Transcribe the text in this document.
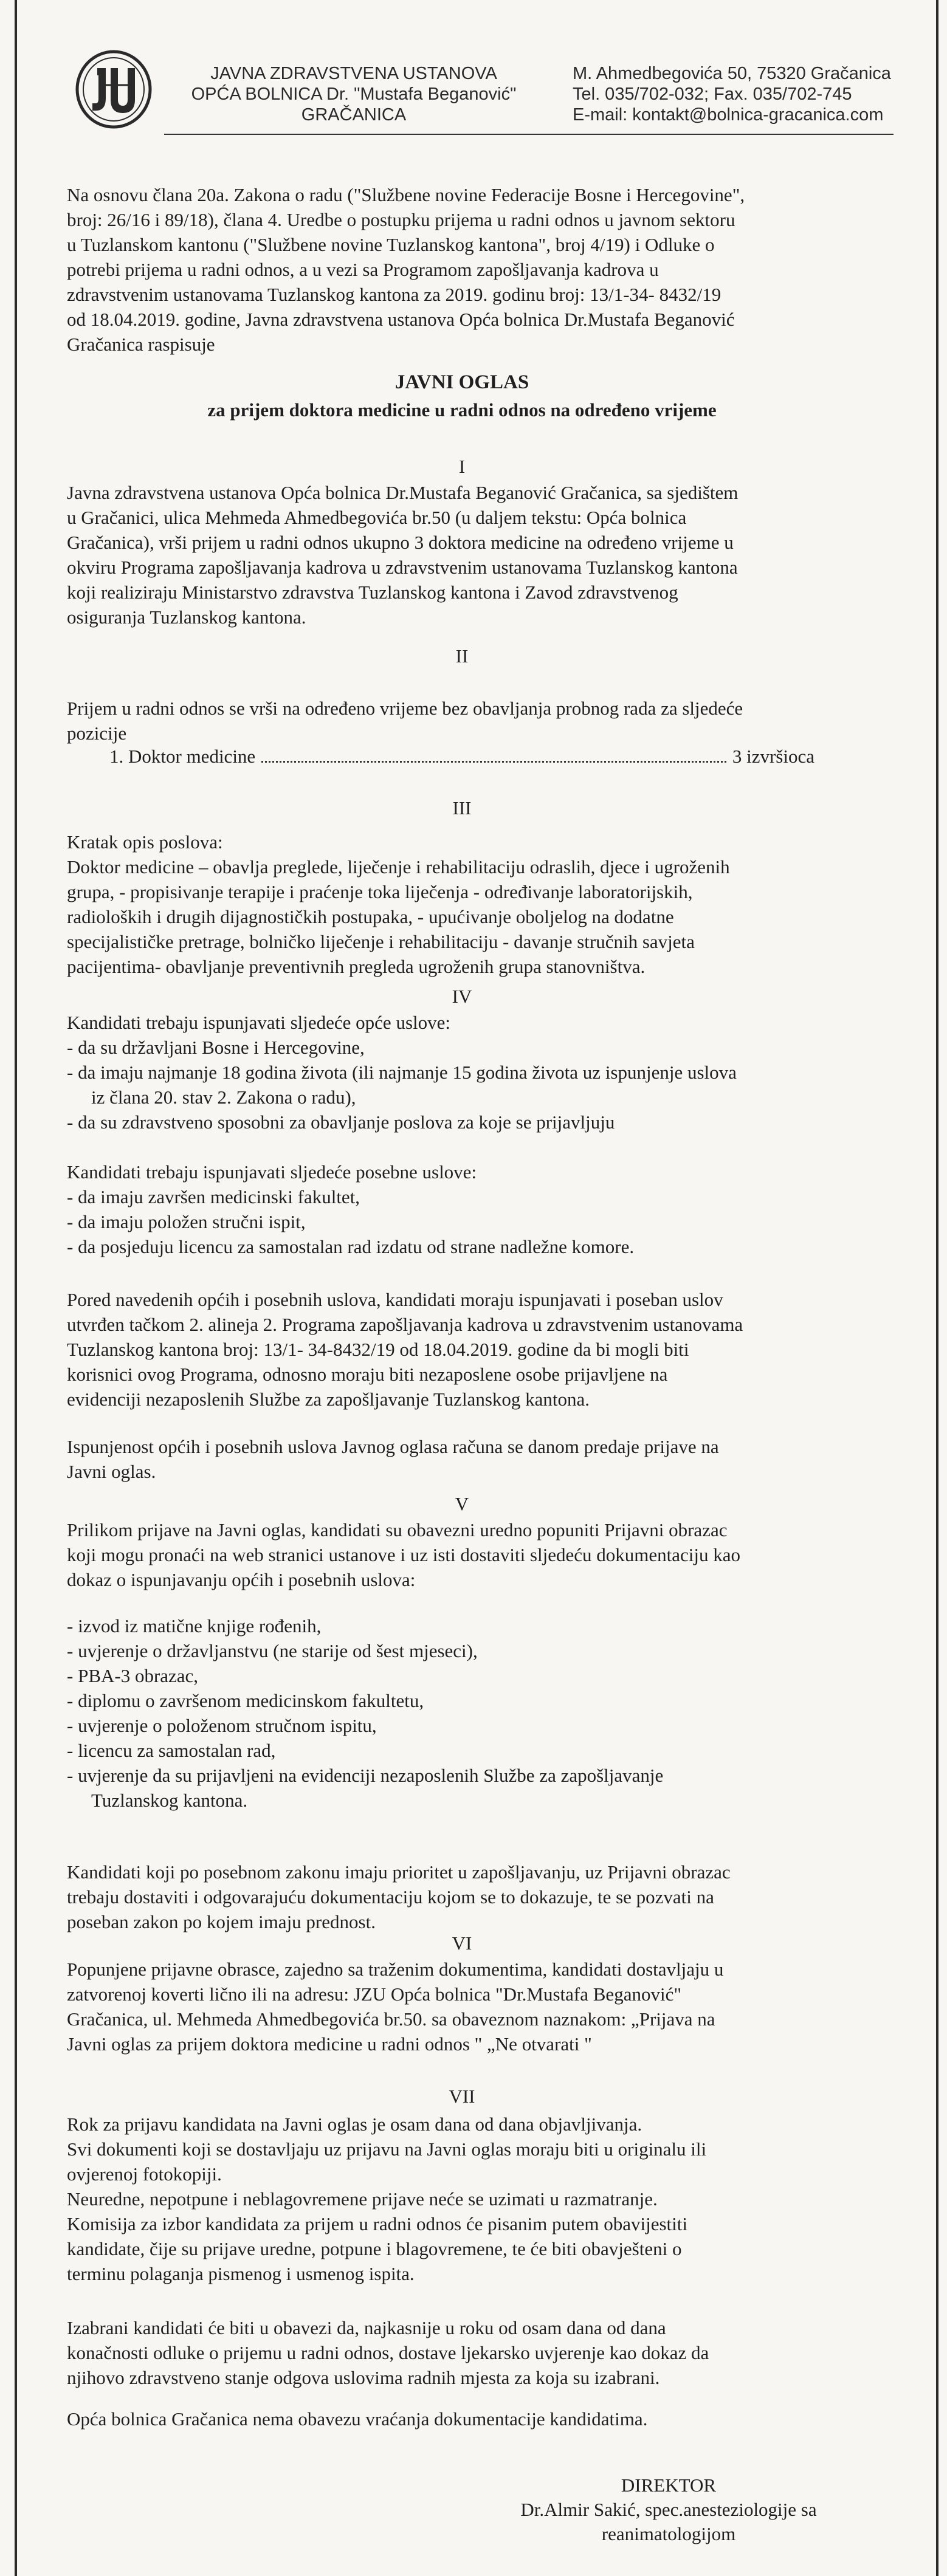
JAVNA ZDRAVSTVENA USTANOVA
OPĆA BOLNICA Dr. "Mustafa Beganović"
GRAČANICA
M. Ahmedbegovića 50, 75320 Gračanica
Tel. 035/702-032; Fax. 035/702-745
E-mail: kontakt@bolnica-gracanica.com

Na osnovu člana 20a. Zakona o radu ("Službene novine Federacije Bosne i Hercegovine",

broj: 26/16 i 89/18), člana 4. Uredbe o postupku prijema u radni odnos u javnom sektoru

u Tuzlanskom kantonu ("Službene novine Tuzlanskog kantona", broj 4/19) i Odluke o

potrebi prijema u radni odnos, a u vezi sa Programom zapošljavanja kadrova u

zdravstvenim ustanovama Tuzlanskog kantona za 2019. godinu broj: 13/1-34- 8432/19

od 18.04.2019. godine, Javna zdravstvena ustanova Opća bolnica Dr.Mustafa Beganović

Gračanica raspisuje

JAVNI OGLAS
za prijem doktora medicine u radni odnos na određeno vrijeme
I

Javna zdravstvena ustanova Opća bolnica Dr.Mustafa Beganović Gračanica, sa sjedištem

u Gračanici, ulica Mehmeda Ahmedbegovića br.50 (u daljem tekstu: Opća bolnica

Gračanica), vrši prijem u radni odnos ukupno 3 doktora medicine na određeno vrijeme u

okviru Programa zapošljavanja kadrova u zdravstvenim ustanovama Tuzlanskog kantona

koji realiziraju Ministarstvo zdravstva Tuzlanskog kantona i Zavod zdravstvenog

osiguranja Tuzlanskog kantona.

II

Prijem u radni odnos se vrši na određeno vrijeme bez obavljanja probnog rada za sljedeće

pozicije

1. Doktor medicine	3 izvršioca
III

Kratak opis poslova:

Doktor medicine – obavlja preglede, liječenje i rehabilitaciju odraslih, djece i ugroženih

grupa, - propisivanje terapije i praćenje toka liječenja - određivanje laboratorijskih,

radioloških i drugih dijagnostičkih postupaka, - upućivanje oboljelog na dodatne

specijalističke pretrage, bolničko liječenje i rehabilitaciju - davanje stručnih savjeta

pacijentima- obavljanje preventivnih pregleda ugroženih grupa stanovništva.

IV

Kandidati trebaju ispunjavati sljedeće opće uslove:

- da su državljani Bosne i Hercegovine,

- da imaju najmanje 18 godina života (ili najmanje 15 godina života uz ispunjenje uslova

iz člana 20. stav 2. Zakona o radu),

- da su zdravstveno sposobni za obavljanje poslova za koje se prijavljuju

Kandidati trebaju ispunjavati sljedeće posebne uslove:

- da imaju završen medicinski fakultet,

- da imaju položen stručni ispit,

- da posjeduju licencu za samostalan rad izdatu od strane nadležne komore.

Pored navedenih općih i posebnih uslova, kandidati moraju ispunjavati i poseban uslov

utvrđen tačkom 2. alineja 2. Programa zapošljavanja kadrova u zdravstvenim ustanovama

Tuzlanskog kantona broj: 13/1- 34-8432/19 od 18.04.2019. godine da bi mogli biti

korisnici ovog Programa, odnosno moraju biti nezaposlene osobe prijavljene na

evidenciji nezaposlenih Službe za zapošljavanje Tuzlanskog kantona.

Ispunjenost općih i posebnih uslova Javnog oglasa računa se danom predaje prijave na

Javni oglas.

V

Prilikom prijave na Javni oglas, kandidati su obavezni uredno popuniti Prijavni obrazac

koji mogu pronaći na web stranici ustanove i uz isti dostaviti sljedeću dokumentaciju kao

dokaz o ispunjavanju općih i posebnih uslova:

- izvod iz matične knjige rođenih,

- uvjerenje o državljanstvu (ne starije od šest mjeseci),

- PBA-3 obrazac,

- diplomu o završenom medicinskom fakultetu,

- uvjerenje o položenom stručnom ispitu,

- licencu za samostalan rad,

- uvjerenje da su prijavljeni na evidenciji nezaposlenih Službe za zapošljavanje

Tuzlanskog kantona.

Kandidati koji po posebnom zakonu imaju prioritet u zapošljavanju, uz Prijavni obrazac

trebaju dostaviti i odgovarajuću dokumentaciju kojom se to dokazuje, te se pozvati na

poseban zakon po kojem imaju prednost.

VI

Popunjene prijavne obrasce, zajedno sa traženim dokumentima, kandidati dostavljaju u

zatvorenoj koverti lično ili na adresu: JZU Opća bolnica "Dr.Mustafa Beganović"

Gračanica, ul. Mehmeda Ahmedbegovića br.50. sa obaveznom naznakom: „Prijava na

Javni oglas za prijem doktora medicine u radni odnos " „Ne otvarati "

VII

Rok za prijavu kandidata na Javni oglas je osam dana od dana objavljivanja.

Svi dokumenti koji se dostavljaju uz prijavu na Javni oglas moraju biti u originalu ili

ovjerenoj fotokopiji.

Neuredne, nepotpune i neblagovremene prijave neće se uzimati u razmatranje.

Komisija za izbor kandidata za prijem u radni odnos će pisanim putem obavijestiti

kandidate, čije su prijave uredne, potpune i blagovremene, te će biti obavješteni o

terminu polaganja pismenog i usmenog ispita.

Izabrani kandidati će biti u obavezi da, najkasnije u roku od osam dana od dana

konačnosti odluke o prijemu u radni odnos, dostave ljekarsko uvjerenje kao dokaz da

njihovo zdravstveno stanje odgova uslovima radnih mjesta za koja su izabrani.

Opća bolnica Gračanica nema obavezu vraćanja dokumentacije kandidatima.

DIREKTOR
Dr.Almir Sakić, spec.anesteziologije sa
reanimatologijom
